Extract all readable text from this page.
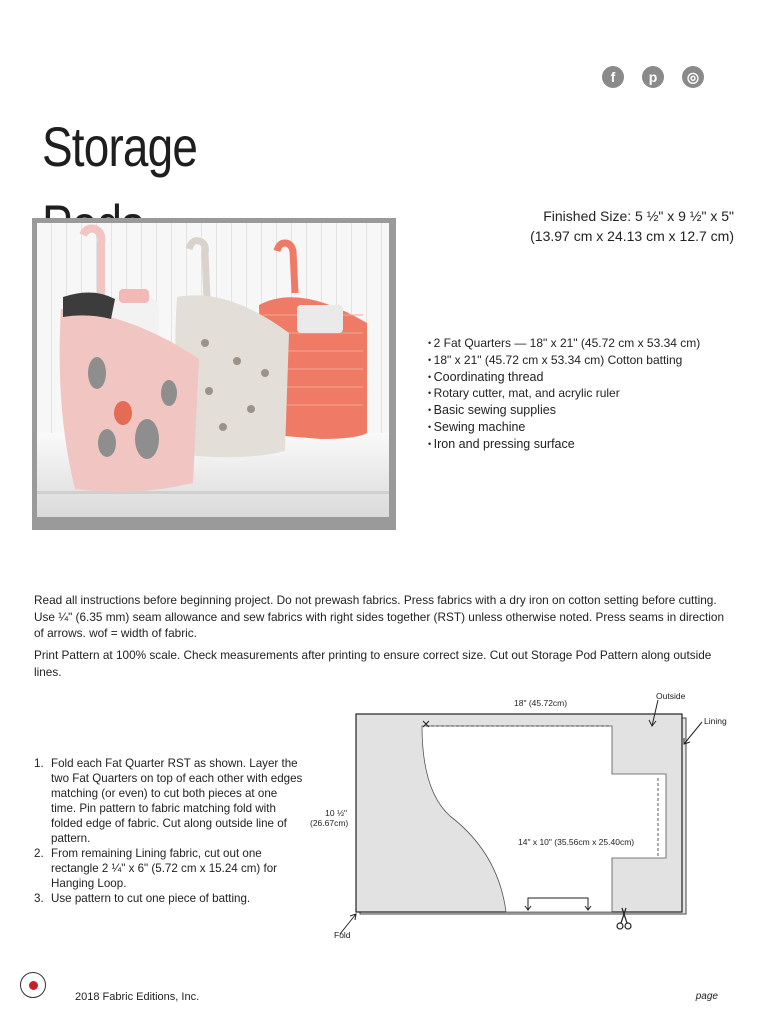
f	p	◎
Storage
Finished Size: 5 ½" x 9 ½" x 5"
(13.97 cm x 24.13 cm x 12.7 cm)
• 2 Fat Quarters — 18" x 21" (45.72 cm x 53.34 cm)
• 18" x 21" (45.72 cm x 53.34 cm) Cotton batting
• Coordinating thread
• Rotary cutter, mat, and acrylic ruler
• Basic sewing supplies
• Sewing machine
• Iron and pressing surface

Read all instructions before beginning project. Do not prewash fabrics. Press fabrics with a dry iron on cotton setting before cutting. Use ¼" (6.35 mm) seam allowance and sew fabrics with right sides together (RST) unless otherwise noted. Press seams in direction of arrows. wof = width of fabric.

Print Pattern at 100% scale. Check measurements after printing to ensure correct size. Cut out Storage Pod Pattern along outside lines.

1. Fold each Fat Quarter RST as shown. Layer the two Fat Quarters on top of each other with edges matching (or even) to cut both pieces at one time. Pin pattern to fabric matching fold with folded edge of fabric. Cut along outside line of pattern.
2. From remaining Lining fabric, cut out one rectangle 2 ¼" x 6" (5.72 cm x 15.24 cm) for Hanging Loop.
3. Use pattern to cut one piece of batting.
18" (45.72cm)
Outside
Lining
10 ½"
(26.67cm)
14" x 10" (35.56cm x 25.40cm)
Fold
2018 Fabric Editions, Inc.	page
